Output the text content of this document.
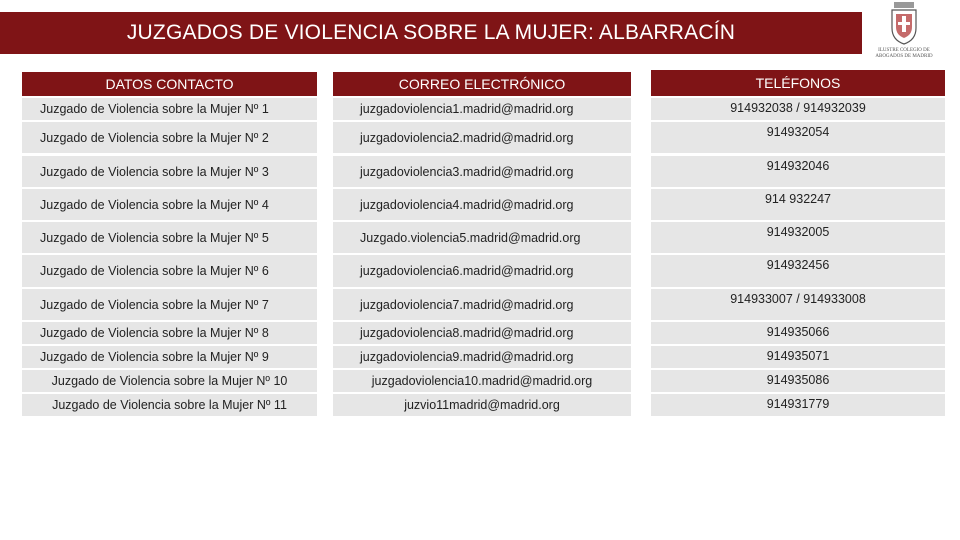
JUZGADOS DE VIOLENCIA SOBRE LA MUJER: ALBARRACÍN
ILUSTRE COLEGIO DE ABOGADOS DE MADRID
DATOS CONTACTO	CORREO ELECTRÓNICO	TELÉFONOS
Juzgado de Violencia sobre la Mujer Nº 1	juzgadoviolencia1.madrid@madrid.org	914932038 / 914932039
Juzgado de Violencia sobre la Mujer Nº 2	juzgadoviolencia2.madrid@madrid.org	914932054
Juzgado de Violencia sobre la Mujer Nº 3	juzgadoviolencia3.madrid@madrid.org	914932046
Juzgado de Violencia sobre la Mujer Nº 4	juzgadoviolencia4.madrid@madrid.org	914 932247
Juzgado de Violencia sobre la Mujer Nº 5	Juzgado.violencia5.madrid@madrid.org	914932005
Juzgado de Violencia sobre la Mujer Nº 6	juzgadoviolencia6.madrid@madrid.org	914932456
Juzgado de Violencia sobre la Mujer Nº 7	juzgadoviolencia7.madrid@madrid.org	914933007 / 914933008
Juzgado de Violencia sobre la Mujer Nº 8	juzgadoviolencia8.madrid@madrid.org	914935066
Juzgado de Violencia sobre la Mujer Nº 9	juzgadoviolencia9.madrid@madrid.org	914935071
Juzgado de Violencia sobre la Mujer Nº 10	juzgadoviolencia10.madrid@madrid.org	914935086
Juzgado de Violencia sobre la Mujer Nº 11	juzvio11madrid@madrid.org	914931779
